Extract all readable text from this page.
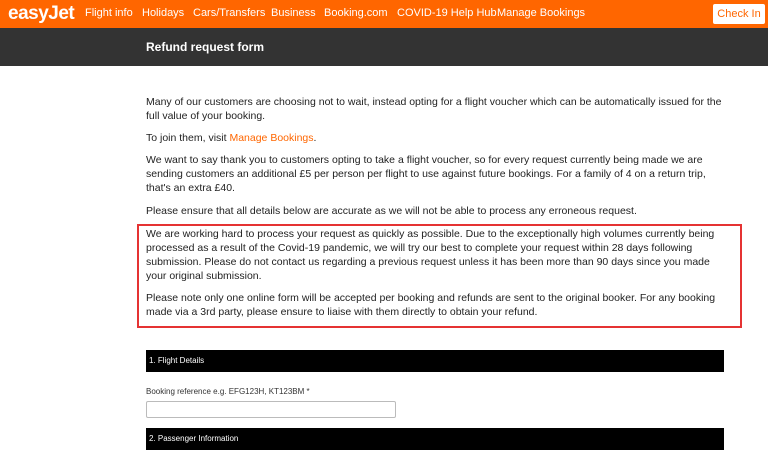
easyJet Flight info Holidays Cars/Transfers Business Booking.com COVID-19 Help Hub Manage Bookings	Check In
Refund request form

Many of our customers are choosing not to wait, instead opting for a flight voucher which can be automatically issued for the full value of your booking.

To join them, visit Manage Bookings.

We want to say thank you to customers opting to take a flight voucher, so for every request currently being made we are sending customers an additional £5 per person per flight to use against future bookings. For a family of 4 on a return trip, that's an extra £40.

Please ensure that all details below are accurate as we will not be able to process any erroneous request.

We are working hard to process your request as quickly as possible. Due to the exceptionally high volumes currently being processed as a result of the Covid-19 pandemic, we will try our best to complete your request within 28 days following submission. Please do not contact us regarding a previous request unless it has been more than 90 days since you made your original submission.

Please note only one online form will be accepted per booking and refunds are sent to the original booker. For any booking made via a 3rd party, please ensure to liaise with them directly to obtain your refund.

1. Flight Details
Booking reference e.g. EFG123H, KT123BM *
2. Passenger Information
